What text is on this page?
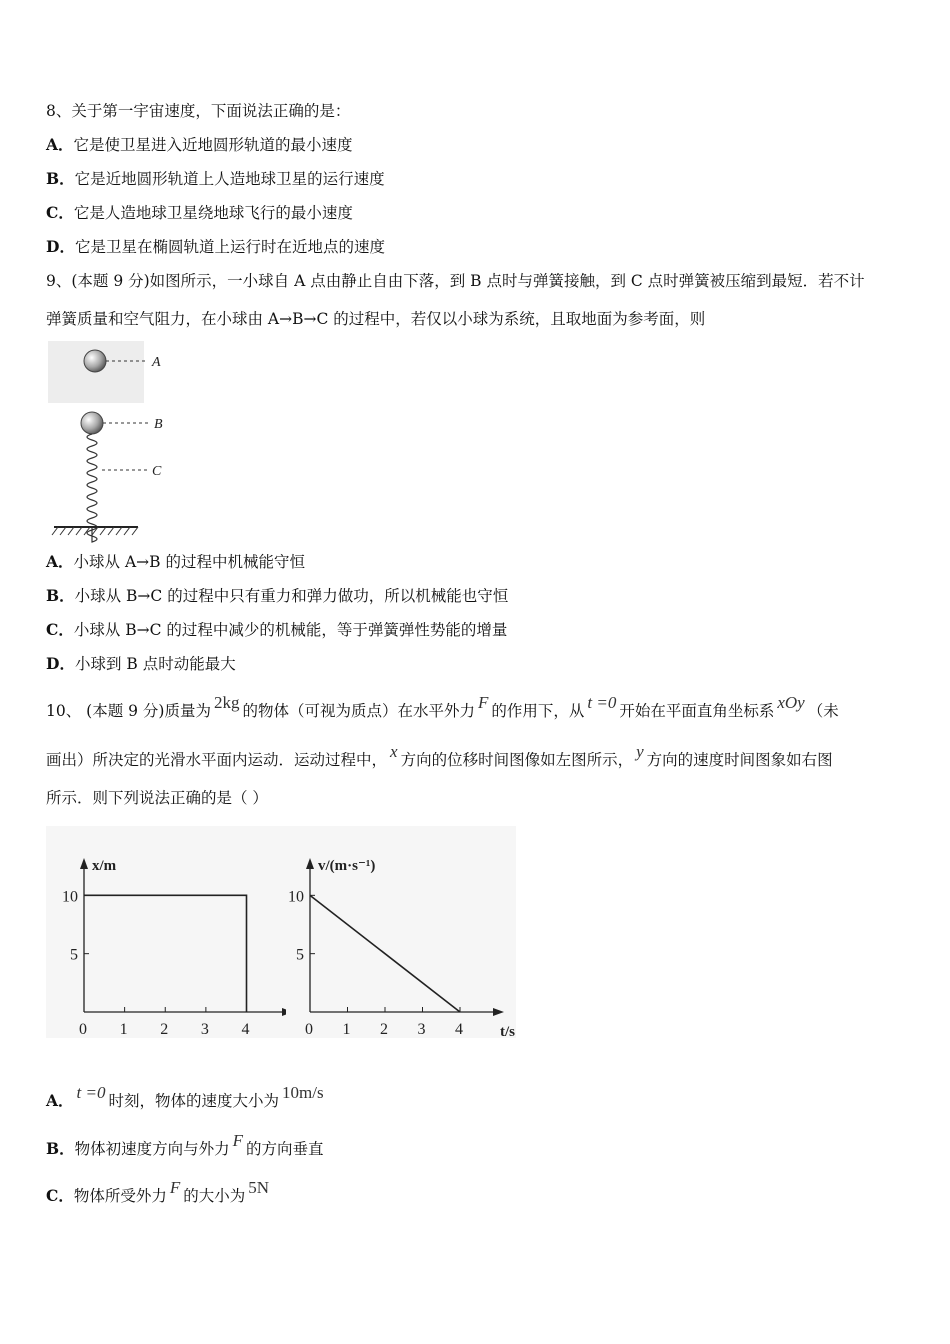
8、关于第一宇宙速度，下面说法正确的是：
A．它是使卫星进入近地圆形轨道的最小速度
B．它是近地圆形轨道上人造地球卫星的运行速度
C．它是人造地球卫星绕地球飞行的最小速度
D．它是卫星在椭圆轨道上运行时在近地点的速度
9、(本题 9 分)如图所示，一小球自 A 点由静止自由下落，到 B 点时与弹簧接触，到 C 点时弹簧被压缩到最短．若不计
弹簧质量和空气阻力，在小球由 A→B→C 的过程中，若仅以小球为系统，且取地面为参考面，则
A
B
C
A．小球从 A→B 的过程中机械能守恒
B．小球从 B→C 的过程中只有重力和弹力做功，所以机械能也守恒
C．小球从 B→C 的过程中减少的机械能，等于弹簧弹性势能的增量
D．小球到 B 点时动能最大
10、 (本题 9 分)质量为 2kg 的物体（可视为质点）在水平外力 F 的作用下，从 t =0 开始在平面直角坐标系 xOy （未
画出）所决定的光滑水平面内运动．运动过程中， x 方向的位移时间图像如左图所示， y 方向的速度时间图象如右图
所示．则下列说法正确的是（ ）
x/m
0 1 2 3 4
5
10
t/s
v/(m·s⁻¹)
0 1 2 3 4
5
10
A． t =0 时刻，物体的速度大小为 10m/s
B．物体初速度方向与外力 F 的方向垂直
C．物体所受外力 F 的大小为 5N
